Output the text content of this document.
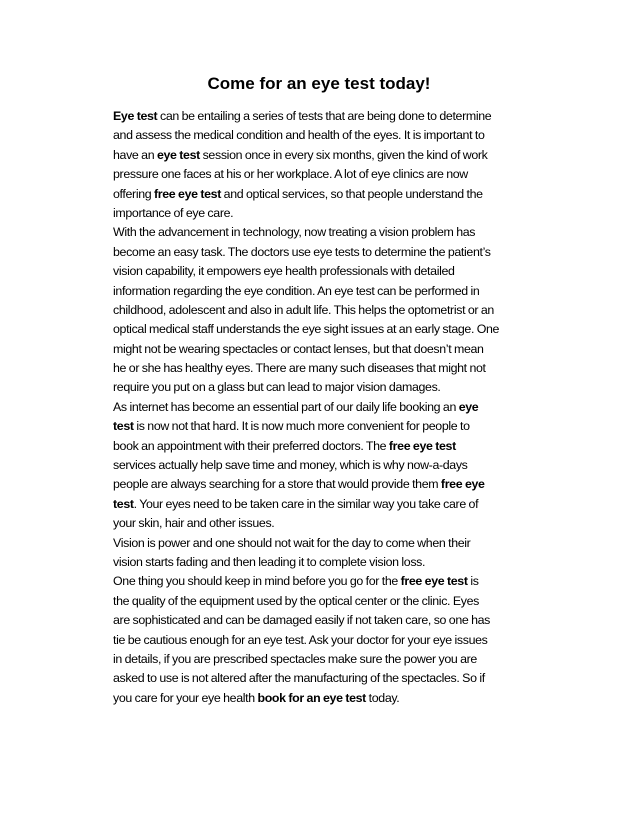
Come for an eye test today!
Eye test can be entailing a series of tests that are being done to determine
and assess the medical condition and health of the eyes. It is important to
have an eye test session once in every six months, given the kind of work
pressure one faces at his or her workplace. A lot of eye clinics are now
offering free eye test and optical services, so that people understand the
importance of eye care.
With the advancement in technology, now treating a vision problem has
become an easy task. The doctors use eye tests to determine the patient’s
vision capability, it empowers eye health professionals with detailed
information regarding the eye condition. An eye test can be performed in
childhood, adolescent and also in adult life. This helps the optometrist or an
optical medical staff understands the eye sight issues at an early stage. One
might not be wearing spectacles or contact lenses, but that doesn’t mean
he or she has healthy eyes. There are many such diseases that might not
require you put on a glass but can lead to major vision damages.
As internet has become an essential part of our daily life booking an eye
test is now not that hard. It is now much more convenient for people to
book an appointment with their preferred doctors. The free eye test
services actually help save time and money, which is why now-a-days
people are always searching for a store that would provide them free eye
test. Your eyes need to be taken care in the similar way you take care of
your skin, hair and other issues.
Vision is power and one should not wait for the day to come when their
vision starts fading and then leading it to complete vision loss.
One thing you should keep in mind before you go for the free eye test is
the quality of the equipment used by the optical center or the clinic. Eyes
are sophisticated and can be damaged easily if not taken care, so one has
tie be cautious enough for an eye test. Ask your doctor for your eye issues
in details, if you are prescribed spectacles make sure the power you are
asked to use is not altered after the manufacturing of the spectacles. So if
you care for your eye health book for an eye test today.
